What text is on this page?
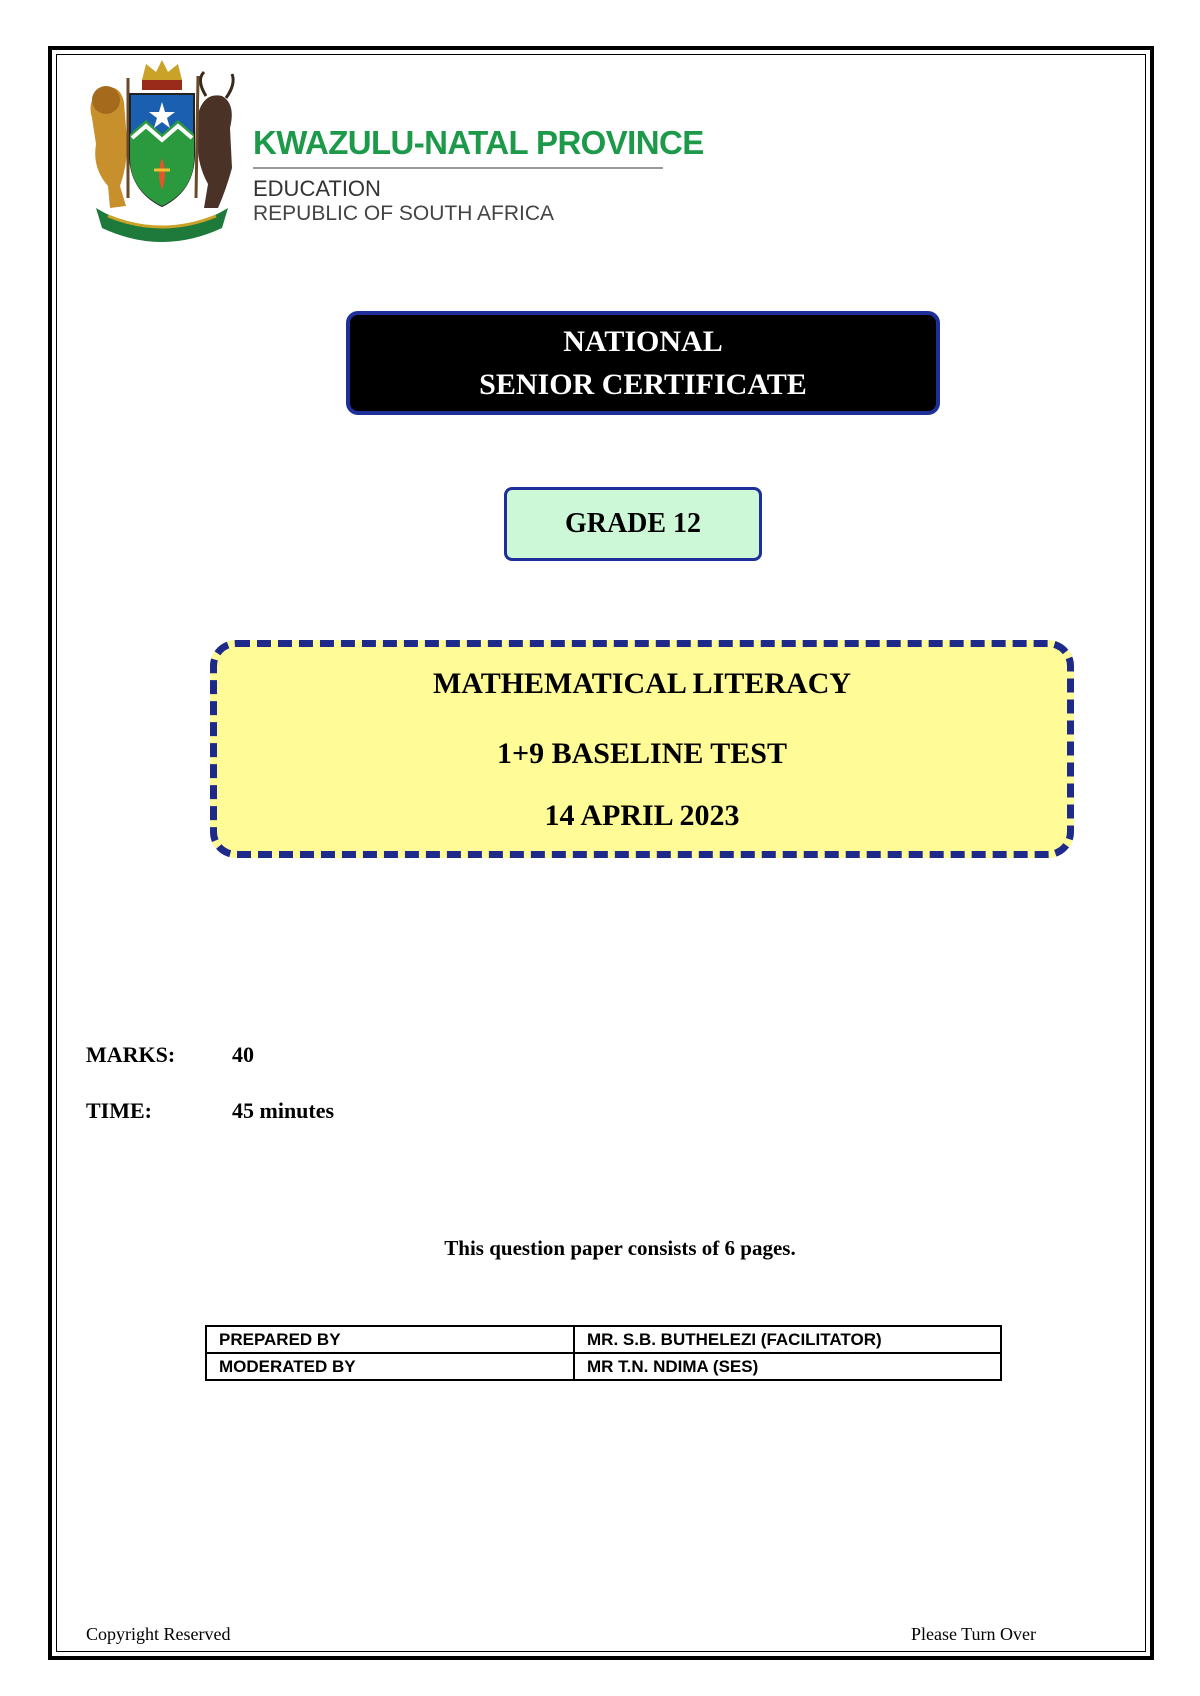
KWAZULU-NATAL PROVINCE
EDUCATION
REPUBLIC OF SOUTH AFRICA
NATIONAL
SENIOR CERTIFICATE
GRADE 12
MATHEMATICAL LITERACY
1+9 BASELINE TEST
14 APRIL 2023
MARKS:	40
TIME:	45 minutes
This question paper consists of 6 pages.
PREPARED BY	MR. S.B. BUTHELEZI (FACILITATOR)
MODERATED BY	MR T.N. NDIMA (SES)
Copyright Reserved	Please Turn Over
